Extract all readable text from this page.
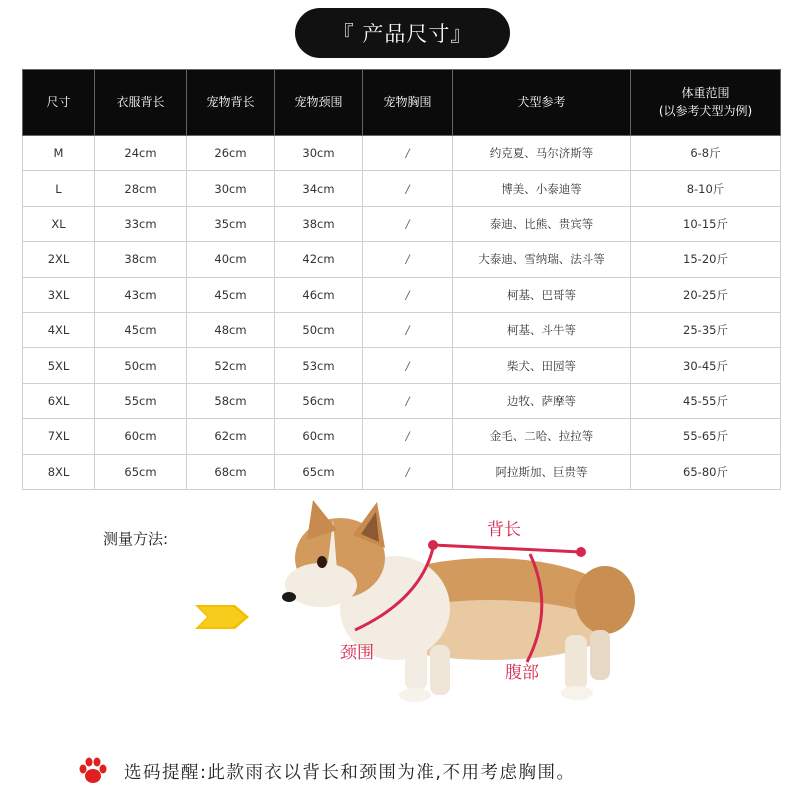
『 产品尺寸』
尺寸	衣服背长	宠物背长	宠物颈围	宠物胸围	犬型参考	体重范围
(以参考犬型为例)

M	24cm	26cm	30cm	/	约克夏、马尔济斯等	6-8斤
L	28cm	30cm	34cm	/	博美、小泰迪等	8-10斤
XL	33cm	35cm	38cm	/	泰迪、比熊、贵宾等	10-15斤
2XL	38cm	40cm	42cm	/	大泰迪、雪纳瑞、法斗等	15-20斤
3XL	43cm	45cm	46cm	/	柯基、巴哥等	20-25斤
4XL	45cm	48cm	50cm	/	柯基、斗牛等	25-35斤
5XL	50cm	52cm	53cm	/	柴犬、田园等	30-45斤
6XL	55cm	58cm	56cm	/	边牧、萨摩等	45-55斤
7XL	60cm	62cm	60cm	/	金毛、二哈、拉拉等	55-65斤
8XL	65cm	68cm	65cm	/	阿拉斯加、巨贵等	65-80斤
测量方法:	背长
颈围
腹部
选码提醒:此款雨衣以背长和颈围为准,不用考虑胸围。
